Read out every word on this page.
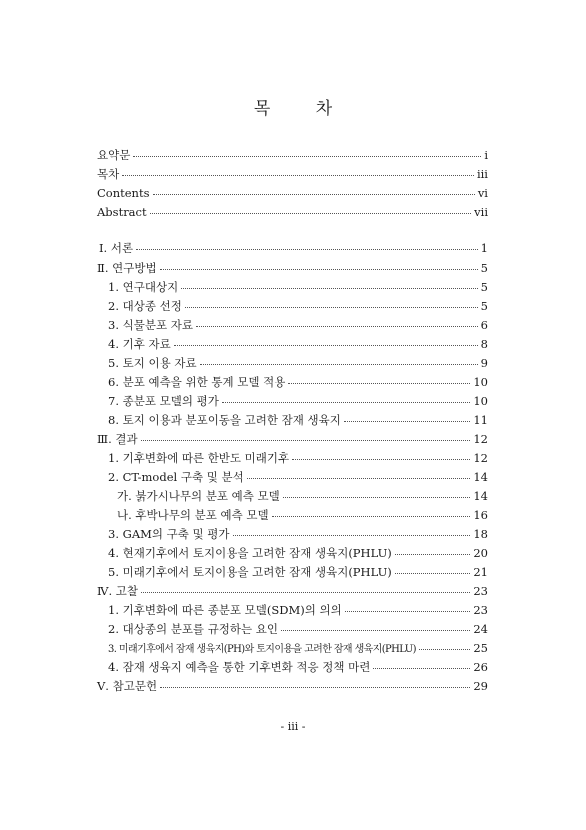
목 차
요약문	i
목차	iii
Contents	vi
Abstract	vii
Ⅰ. 서론	1
Ⅱ. 연구방법	5
1. 연구대상지	5
2. 대상종 선정	5
3. 식물분포 자료	6
4. 기후 자료	8
5. 토지 이용 자료	9
6. 분포 예측을 위한 통계 모델 적용	10
7. 종분포 모델의 평가	10
8. 토지 이용과 분포이동을 고려한 잠재 생육지	11
Ⅲ. 결과	12
1. 기후변화에 따른 한반도 미래기후	12
2. CT-model 구축 및 분석	14
가. 붉가시나무의 분포 예측 모델	14
나. 후박나무의 분포 예측 모델	16
3. GAM의 구축 및 평가	18
4. 현재기후에서 토지이용을 고려한 잠재 생육지(PHLU)	20
5. 미래기후에서 토지이용을 고려한 잠재 생육지(PHLU)	21
Ⅳ. 고찰	23
1. 기후변화에 따른 종분포 모델(SDM)의 의의	23
2. 대상종의 분포를 규정하는 요인	24
3. 미래기후에서 잠재 생육지(PH)와 토지이용을 고려한 잠재 생육지(PHLU)	25
4. 잠재 생육지 예측을 통한 기후변화 적응 정책 마련	26
Ⅴ. 참고문헌	29
- iii -
